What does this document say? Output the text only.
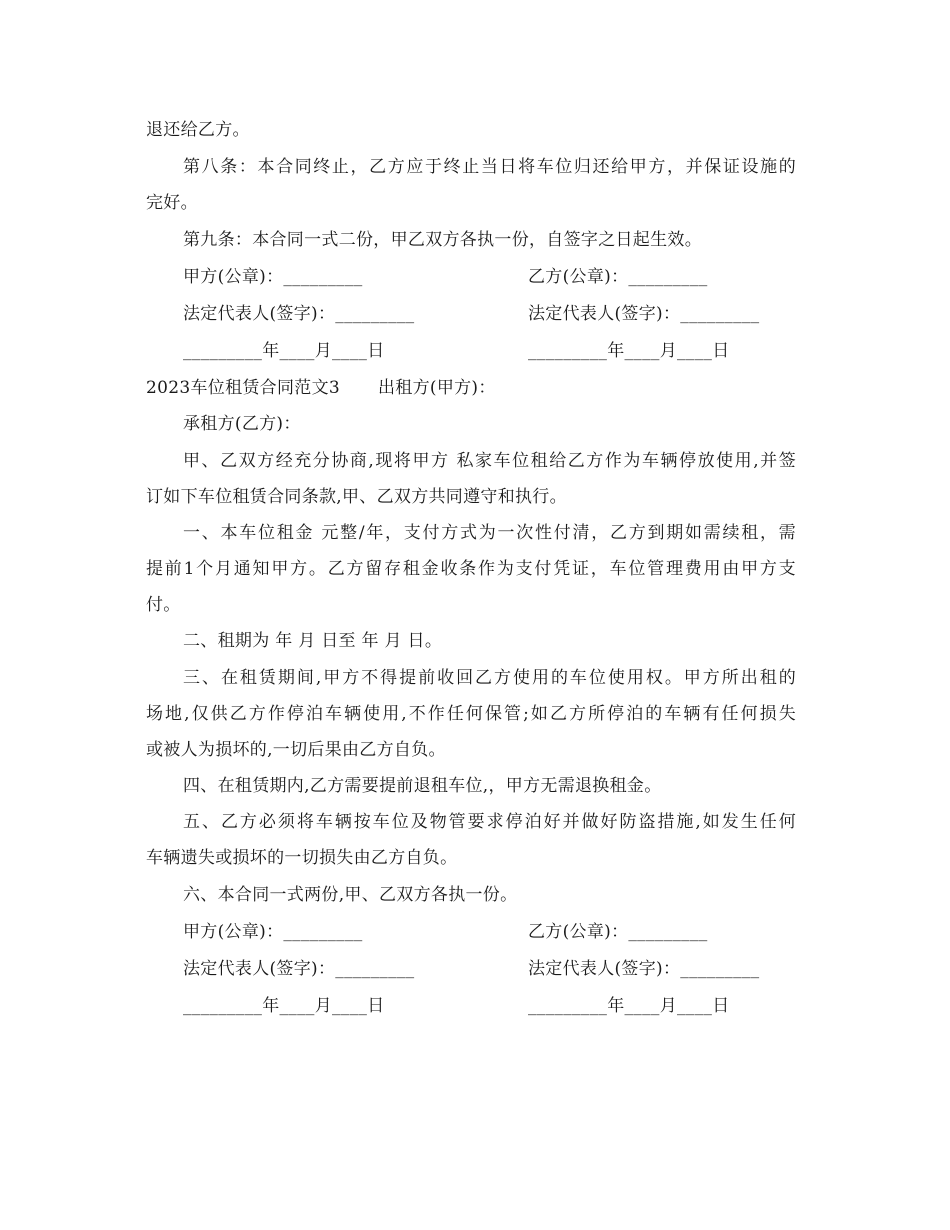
退还给乙方。
第八条：本合同终止，乙方应于终止当日将车位归还给甲方，并保证设施的
完好。
第九条：本合同一式二份，甲乙双方各执一份，自签字之日起生效。
甲方(公章)：_________	乙方(公章)：_________
法定代表人(签字)：_________	法定代表人(签字)：_________
_________年____月____日	_________年____月____日
2023车位租赁合同范文3 出租方(甲方)：
承租方(乙方)：
甲、乙双方经充分协商,现将甲方 私家车位租给乙方作为车辆停放使用,并签
订如下车位租赁合同条款,甲、乙双方共同遵守和执行。
一、本车位租金 元整/年，支付方式为一次性付清，乙方到期如需续租，需
提前1个月通知甲方。乙方留存租金收条作为支付凭证，车位管理费用由甲方支
付。
二、租期为 年 月 日至 年 月 日。
三、在租赁期间,甲方不得提前收回乙方使用的车位使用权。甲方所出租的
场地,仅供乙方作停泊车辆使用,不作任何保管;如乙方所停泊的车辆有任何损失
或被人为损坏的,一切后果由乙方自负。
四、在租赁期内,乙方需要提前退租车位,，甲方无需退换租金。
五、乙方必须将车辆按车位及物管要求停泊好并做好防盗措施,如发生任何
车辆遗失或损坏的一切损失由乙方自负。
六、本合同一式两份,甲、乙双方各执一份。
甲方(公章)：_________	乙方(公章)：_________
法定代表人(签字)：_________	法定代表人(签字)：_________
_________年____月____日	_________年____月____日
